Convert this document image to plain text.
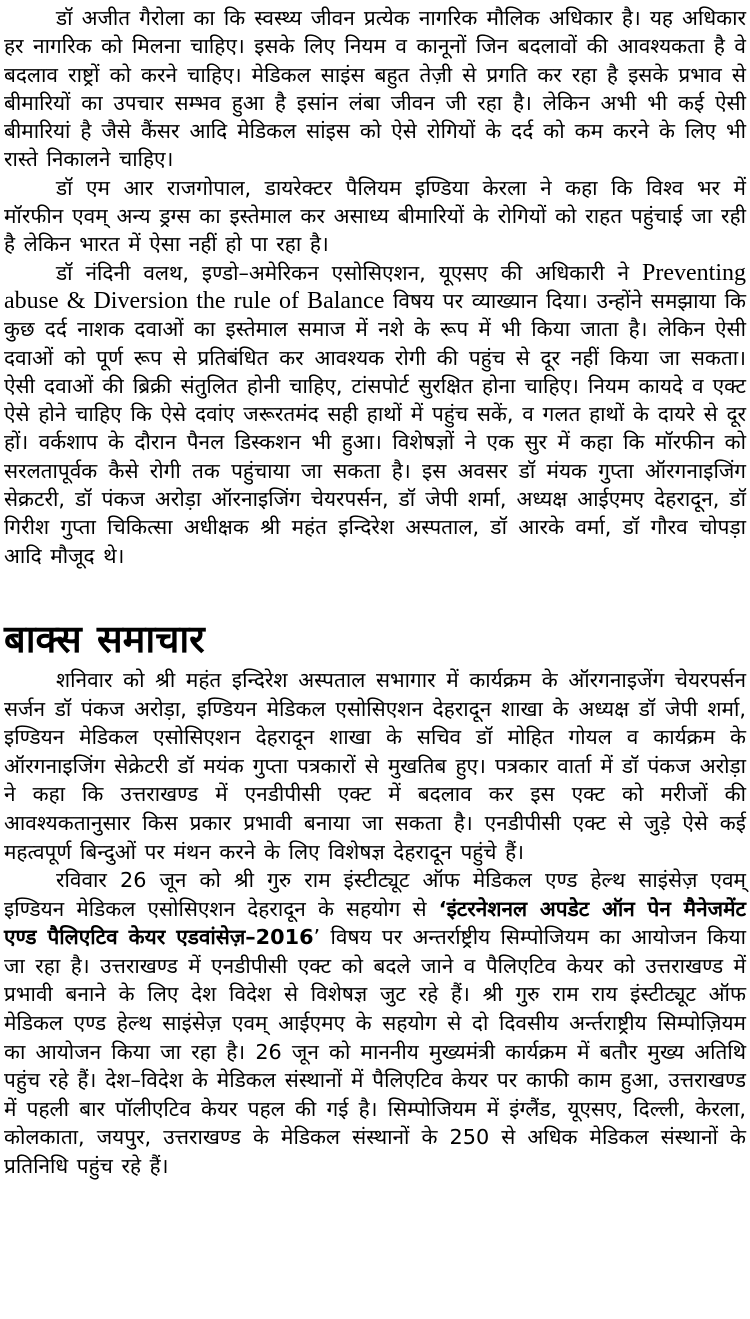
डॉ अजीत गैरोला का कि स्वस्थ्य जीवन प्रत्येक नागरिक मौलिक अधिकार है। यह अधिकार हर नागरिक को मिलना चाहिए। इसके लिए नियम व कानूनों जिन बदलावों की आवश्यकता है वे बदलाव राष्ट्रों को करने चाहिए। मेडिकल साइंस बहुत तेज़ी से प्रगति कर रहा है इसके प्रभाव से बीमारियों का उपचार सम्भव हुआ है इसांन लंबा जीवन जी रहा है। लेकिन अभी भी कई ऐसी बीमारियां है जैसे कैंसर आदि मेडिकल सांइस को ऐसे रोगियों के दर्द को कम करने के लिए भी रास्ते निकालने चाहिए।

डॉ एम आर राजगोपाल, डायरेक्टर पैलियम इण्डिया केरला ने कहा कि विश्व भर में मॉरफीन एवम् अन्य ड्रग्स का इस्तेमाल कर असाध्य बीमारियों के रोगियों को राहत पहुंचाई जा रही है लेकिन भारत में ऐसा नहीं हो पा रहा है।

डॉ नंदिनी वलथ, इण्डो–अमेरिकन एसोसिएशन, यूएसए की अधिकारी ने Preventing abuse & Diversion the rule of Balance विषय पर व्याख्यान दिया। उन्होंने समझाया कि कुछ दर्द नाशक दवाओं का इस्तेमाल समाज में नशे के रूप में भी किया जाता है। लेकिन ऐसी दवाओं को पूर्ण रूप से प्रतिबंधित कर आवश्यक रोगी की पहुंच से दूर नहीं किया जा सकता। ऐसी दवाओं की ब्रिक्री संतुलित होनी चाहिए, टांसपोर्ट सुरक्षित होना चाहिए। नियम कायदे व एक्ट ऐसे होने चाहिए कि ऐसे दवांए जरूरतमंद सही हाथों में पहुंच सकें, व गलत हाथों के दायरे से दूर हों। वर्कशाप के दौरान पैनल डिस्कशन भी हुआ। विशेषज्ञों ने एक सुर में कहा कि मॉरफीन को सरलतापूर्वक कैसे रोगी तक पहुंचाया जा सकता है। इस अवसर डॉ मंयक गुप्ता ऑरगनाइजिंग सेक्रटरी, डॉ पंकज अरोड़ा ऑरनाइजिंग चेयरपर्सन, डॉ जेपी शर्मा, अध्यक्ष आईएमए देहरादून, डॉ गिरीश गुप्ता चिकित्सा अधीक्षक श्री महंत इन्दिरेश अस्पताल, डॉ आरके वर्मा, डॉ गौरव चोपड़ा आदि मौजूद थे।

बाक्स समाचार

शनिवार को श्री महंत इन्दिरेश अस्पताल सभागार में कार्यक्रम के ऑरगनाइजेंग चेयरपर्सन सर्जन डॉ पंकज अरोड़ा, इण्डियन मेडिकल एसोसिएशन देहरादून शाखा के अध्यक्ष डॉ जेपी शर्मा, इण्डियन मेडिकल एसोसिएशन देहरादून शाखा के सचिव डॉ मोहित गोयल व कार्यक्रम के ऑरगनाइजिंग सेक्रेटरी डॉ मयंक गुप्ता पत्रकारों से मुखतिब हुए। पत्रकार वार्ता में डॉ पंकज अरोड़ा ने कहा कि उत्तराखण्ड में एनडीपीसी एक्ट में बदलाव कर इस एक्ट को मरीजों की आवश्यकतानुसार किस प्रकार प्रभावी बनाया जा सकता है। एनडीपीसी एक्ट से जुड़े ऐसे कई महत्वपूर्ण बिन्दुओं पर मंथन करने के लिए विशेषज्ञ देहरादून पहुंचे हैं।

रविवार 26 जून को श्री गुरु राम इंस्टीट्यूट ऑफ मेडिकल एण्ड हेल्थ साइंसेज़ एवम् इण्डियन मेडिकल एसोसिएशन देहरादून के सहयोग से ‘इंटरनेशनल अपडेट ऑन पेन मैनेजमेंट एण्ड पैलिएटिव केयर एडवांसेज़–2016’ विषय पर अन्तर्राष्ट्रीय सिम्पोजियम का आयोजन किया जा रहा है। उत्तराखण्ड में एनडीपीसी एक्ट को बदले जाने व पैलिएटिव केयर को उत्तराखण्ड में प्रभावी बनाने के लिए देश विदेश से विशेषज्ञ जुट रहे हैं। श्री गुरु राम राय इंस्टीट्यूट ऑफ मेडिकल एण्ड हेल्थ साइंसेज़ एवम् आईएमए के सहयोग से दो दिवसीय अर्न्तराष्ट्रीय सिम्पोज़ियम का आयोजन किया जा रहा है। 26 जून को माननीय मुख्यमंत्री कार्यक्रम में बतौर मुख्य अतिथि पहुंच रहे हैं। देश–विदेश के मेडिकल संस्थानों में पैलिएटिव केयर पर काफी काम हुआ, उत्तराखण्ड में पहली बार पॉलीएटिव केयर पहल की गई है। सिम्पोजियम में इंग्लैंड, यूएसए, दिल्ली, केरला, कोलकाता, जयपुर, उत्तराखण्ड के मेडिकल संस्थानों के 250 से अधिक मेडिकल संस्थानों के प्रतिनिधि पहुंच रहे हैं।
